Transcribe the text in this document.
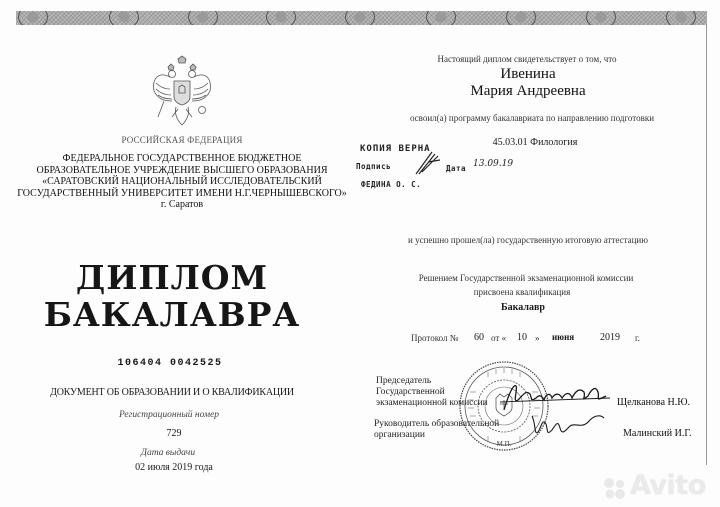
РОССИЙСКАЯ ФЕДЕРАЦИЯ
ФЕДЕРАЛЬНОЕ ГОСУДАРСТВЕННОЕ БЮДЖЕТНОЕ
ОБРАЗОВАТЕЛЬНОЕ УЧРЕЖДЕНИЕ ВЫСШЕГО ОБРАЗОВАНИЯ
«САРАТОВСКИЙ НАЦИОНАЛЬНЫЙ ИССЛЕДОВАТЕЛЬСКИЙ
ГОСУДАРСТВЕННЫЙ УНИВЕРСИТЕТ ИМЕНИ Н.Г.ЧЕРНЫШЕВСКОГО»
г. Саратов
ДИПЛОМ
БАКАЛАВРА
106404 0042525
ДОКУМЕНТ ОБ ОБРАЗОВАНИИ И О КВАЛИФИКАЦИИ
Регистрационный номер
729
Дата выдачи
02 июля 2019 года
Настоящий диплом свидетельствует о том, что
Ивенина
Мария Андреевна
освоил(а) программу бакалавриата по направлению подготовки
45.03.01 Филология
КОПИЯ ВЕРНА
Подпись	Дата 13.09.19
ФЕДИНА О. С.
и успешно прошел(ла) государственную итоговую аттестацию
Решением Государственной экзаменационной комиссии
присвоена квалификация
Бакалавр
Протокол № 60 от « 10 » июня	2019 г.
М.П.
Председатель
Государственной
экзаменационной комиссии	Щелканова Н.Ю.
Руководитель образовательной
организации	Малинский И.Г.
Avito
